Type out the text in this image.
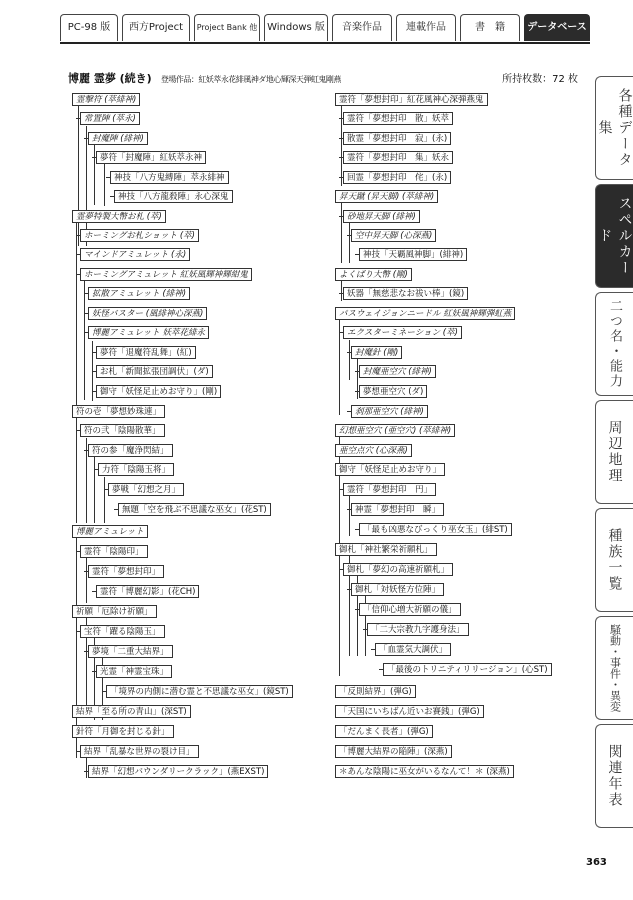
PC-98 版	西方Project	Project Bank 他 Windows 版	音楽作品	連載作品	書　籍	データベース
博麗 霊夢 (続き) 登場作品：紅妖萃永花緋風神ダ地心輝深天弾虹鬼剛燕	所持枚数：72 枚
霊撃符 (萃緋神)
常置陣 (萃永)
封魔陣 (緋神)
夢符「封魔陣」紅妖萃永神
神技「八方鬼縛陣」萃永緋神
神技「八方龍殺陣」永心深鬼
霊夢特製大幣お札 (萃)
ホーミングお札ショット (萃)
マインドアミュレット (永)
ホーミングアミュレット 紅妖風輝神輝紺鬼
拡散アミュレット (緋神)
妖怪バスター (風緋神心深燕)
博麗アミュレット 妖萃花緋永
夢符「退魔符乱舞」(紅)
お札「新聞拡張団調伏」(ダ)
御守「妖怪足止めお守り」(剛)
符の壱「夢想妙珠連」
符の弐「陰陽散華」
符の参「魔浄閃結」
力符「陰陽玉将」
夢戦「幻想之月」
無題「空を飛ぶ不思議な巫女」(花ST)
博麗アミュレット
霊符「陰陽印」
霊符「夢想封印」
霊符「博麗幻影」(花CH)
祈願「厄除け祈願」
宝符「躍る陰陽玉」
夢境「二重大結界」
光霊「神霊宝珠」
「境界の内側に潜む霊と不思議な巫女」(鏡ST)
結界「至る所の青山」(深ST)
針符「月御を封じる針」
結界「乱暴な世界の裂け目」
結界「幻想バウンダリークラック」(燕EXST)
霊符「夢想封印」紅花風神心深弾燕鬼
霊符「夢想封印　散」妖萃
散霊「夢想封印　寂」(永)
霊符「夢想封印　集」妖永
回霊「夢想封印　侘」(永)
昇天蹴 (昇天脚) (萃緋神)
砂地昇天脚 (緋神)
空中昇天脚 (心深燕)
神技「天覇風神脚」(緋神)
よくばり大幣 (剛)
妖器「無慈悲なお祓い棒」(鏡)
パスウェイジョンニードル 紅妖風神輝弾虹燕
エクスターミネーション (萃)
封魔針 (剛)
封魔亜空穴 (緋神)
夢想亜空穴 (ダ)
刹那亜空穴 (緋神)
幻想亜空穴 (亜空穴) (萃緋神)
亜空点穴 (心深燕)
御守「妖怪足止めお守り」
霊符「夢想封印　円」
神霊「夢想封印　瞬」
「最も凶悪なびっくり巫女玉」(緋ST)
御札「神社繁栄祈願札」
御札「夢幻の高速祈願札」
御札「対妖怪方位陣」
「信仰心増大祈願の儀」
「二大宗教九字護身法」
「血霊気大調伏」
「最後のトリニティリリージョン」(心ST)
「反則結界」(弾G)
「天国にいちばん近いお賽銭」(弾G)
「だんまく長者」(弾G)
「博麗大結界の陥陣」(深燕)
＊あんな陰陽に巫女がいるなんて！＊ (深燕)
各種データ集
スペルカード
二つ名・能力
周辺地理
種族一覧
騒動・事件・異変
関連年表
363
